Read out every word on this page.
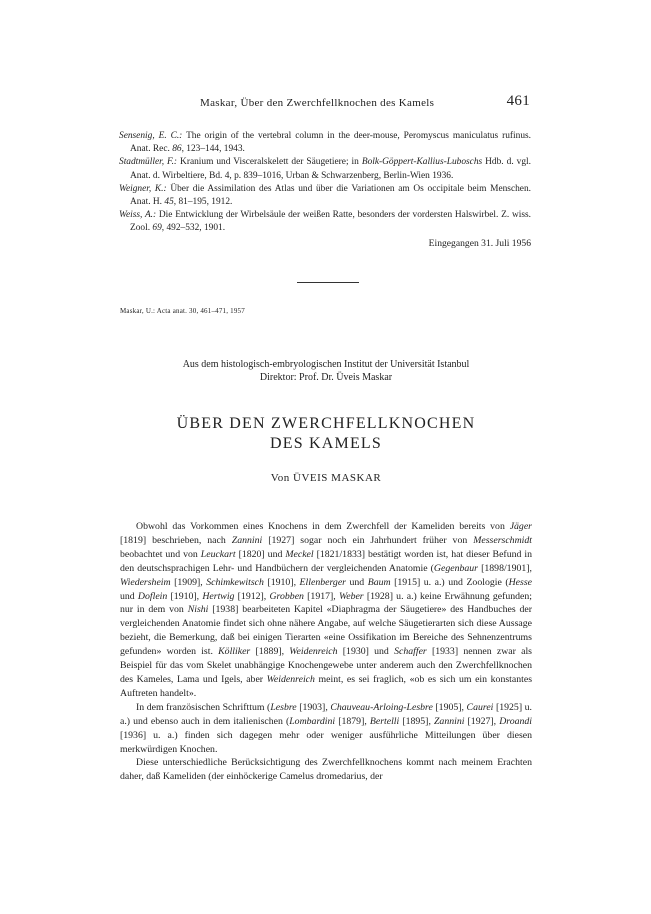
Maskar, Über den Zwerchfellknochen des Kamels	461

Sensenig, E. C.: The origin of the vertebral column in the deer-mouse, Peromyscus maniculatus rufinus. Anat. Rec. 86, 123–144, 1943.

Stadtmüller, F.: Kranium und Visceralskelett der Säugetiere; in Bolk-Göppert-Kallius-Luboschs Hdb. d. vgl. Anat. d. Wirbeltiere, Bd. 4, p. 839–1016, Urban & Schwarzenberg, Berlin-Wien 1936.

Weigner, K.: Über die Assimilation des Atlas und über die Variationen am Os occipitale beim Menschen. Anat. H. 45, 81–195, 1912.

Weiss, A.: Die Entwicklung der Wirbelsäule der weißen Ratte, besonders der vordersten Halswirbel. Z. wiss. Zool. 69, 492–532, 1901.

Eingegangen 31. Juli 1956
Maskar, U.: Acta anat. 30, 461–471, 1957
Aus dem histologisch-embryologischen Institut der Universität Istanbul
Direktor: Prof. Dr. Üveis Maskar
ÜBER DEN ZWERCHFELLKNOCHEN
DES KAMELS
Von ÜVEIS MASKAR

Obwohl das Vorkommen eines Knochens in dem Zwerchfell der Kameliden bereits von Jäger [1819] beschrieben, nach Zannini [1927] sogar noch ein Jahrhundert früher von Messerschmidt beobachtet und von Leuckart [1820] und Meckel [1821/1833] bestätigt worden ist, hat dieser Befund in den deutschsprachigen Lehr- und Handbüchern der vergleichenden Anatomie (Gegenbaur [1898/1901], Wiedersheim [1909], Schimkewitsch [1910], Ellenberger und Baum [1915] u. a.) und Zoologie (Hesse und Doflein [1910], Hertwig [1912], Grobben [1917], Weber [1928] u. a.) keine Erwähnung gefunden; nur in dem von Nishi [1938] bearbeiteten Kapitel «Diaphragma der Säugetiere» des Handbuches der vergleichenden Anatomie findet sich ohne nähere Angabe, auf welche Säugetierarten sich diese Aussage bezieht, die Bemerkung, daß bei einigen Tierarten «eine Ossifikation im Bereiche des Sehnenzentrums gefunden» worden ist. Kölliker [1889], Weidenreich [1930] und Schaffer [1933] nennen zwar als Beispiel für das vom Skelet unabhängige Knochengewebe unter anderem auch den Zwerchfellknochen des Kameles, Lama und Igels, aber Weidenreich meint, es sei fraglich, «ob es sich um ein konstantes Auftreten handelt».

In dem französischen Schrifttum (Lesbre [1903], Chauveau-Arloing-Lesbre [1905], Caurei [1925] u. a.) und ebenso auch in dem italienischen (Lombardini [1879], Bertelli [1895], Zannini [1927], Droandi [1936] u. a.) finden sich dagegen mehr oder weniger ausführliche Mitteilungen über diesen merkwürdigen Knochen.

Diese unterschiedliche Berücksichtigung des Zwerchfellknochens kommt nach meinem Erachten daher, daß Kameliden (der einhöckerige Camelus dromedarius, der
